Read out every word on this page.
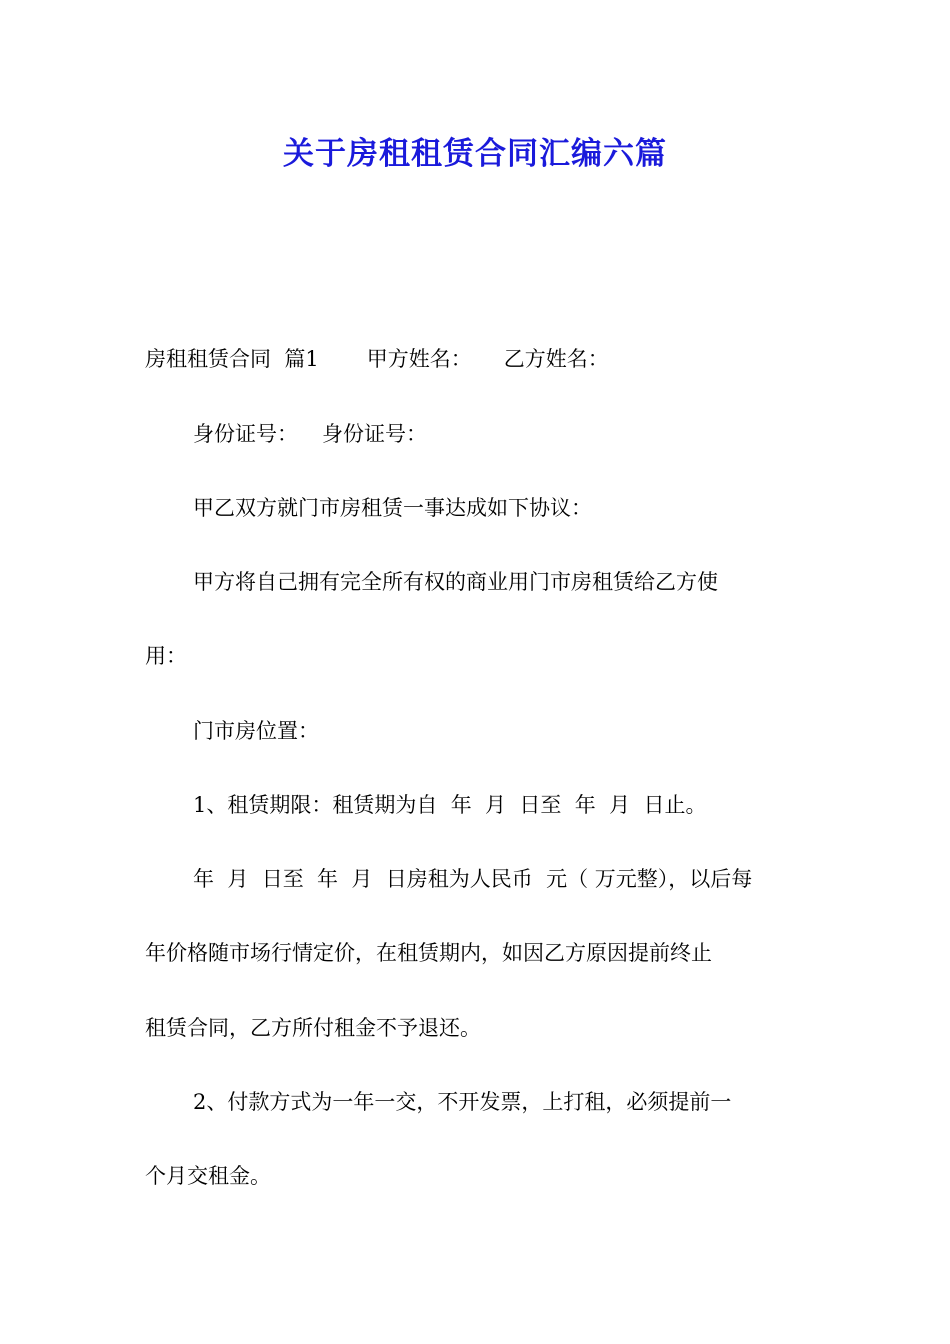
关于房租租赁合同汇编六篇
房租租赁合同  篇1 甲方姓名： 乙方姓名：
身份证号： 身份证号：
甲乙双方就门市房租赁一事达成如下协议：
甲方将自己拥有完全所有权的商业用门市房租赁给乙方使
用：
门市房位置：
1、租赁期限：租赁期为自  年  月  日至  年  月  日止。
年  月  日至  年  月  日房租为人民币  元（ 万元整），以后每
年价格随市场行情定价，在租赁期内，如因乙方原因提前终止
租赁合同，乙方所付租金不予退还。
2、付款方式为一年一交，不开发票，上打租，必须提前一
个月交租金。
